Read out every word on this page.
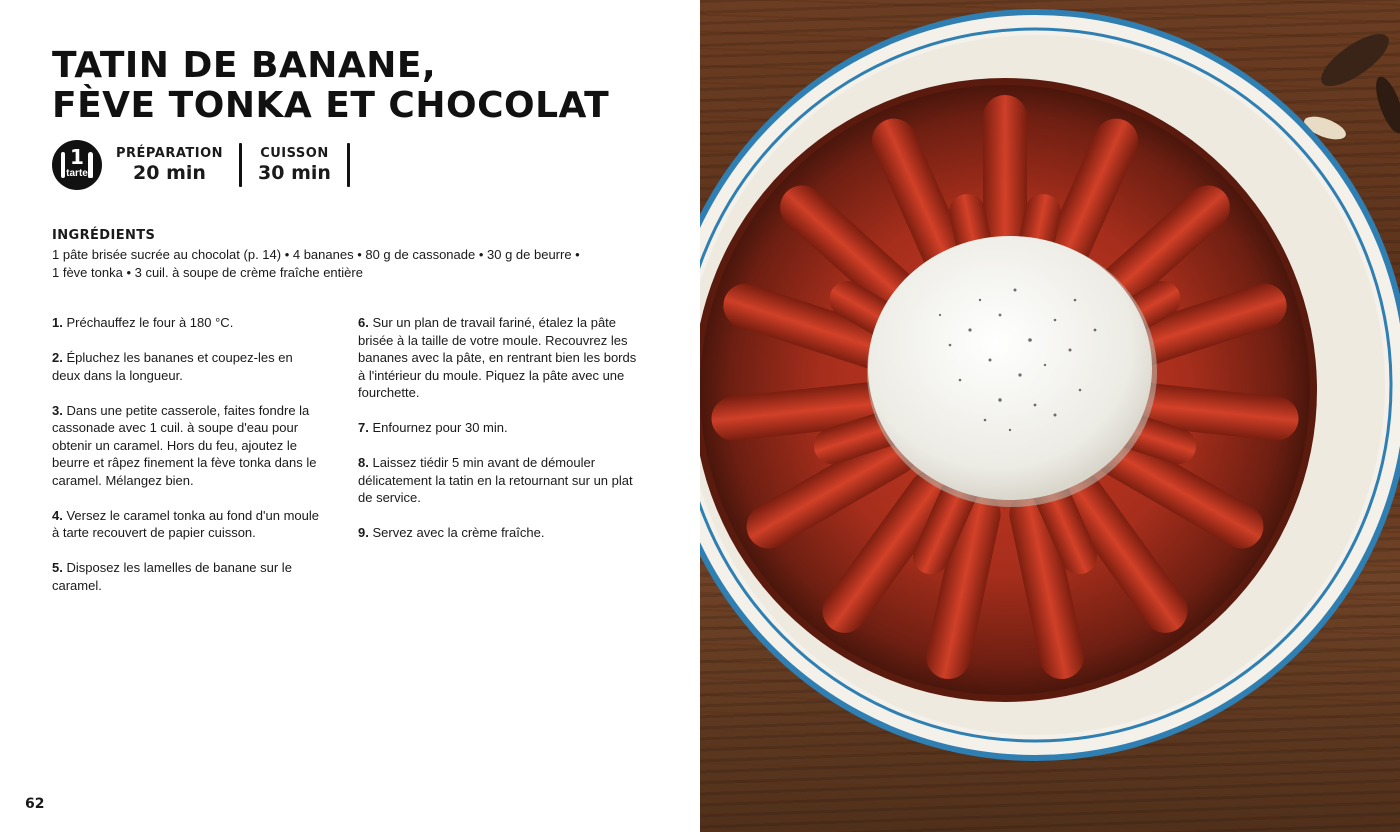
TATIN DE BANANE,
FÈVE TONKA ET CHOCOLAT
1
tarte
PRÉPARATION
20 min
CUISSON
30 min
INGRÉDIENTS
1 pâte brisée sucrée au chocolat (p. 14) • 4 bananes • 80 g de cassonade • 30 g de beurre •
1 fève tonka • 3 cuil. à soupe de crème fraîche entière

1. Préchauffez le four à 180 °C.

2. Épluchez les bananes et coupez-les en deux dans la longueur.

3. Dans une petite casserole, faites fondre la cassonade avec 1 cuil. à soupe d'eau pour obtenir un caramel. Hors du feu, ajoutez le beurre et râpez finement la fève tonka dans le caramel. Mélangez bien.

4. Versez le caramel tonka au fond d'un moule à tarte recouvert de papier cuisson.

5. Disposez les lamelles de banane sur le caramel.

6. Sur un plan de travail fariné, étalez la pâte brisée à la taille de votre moule. Recouvrez les bananes avec la pâte, en rentrant bien les bords à l'intérieur du moule. Piquez la pâte avec une fourchette.

7. Enfournez pour 30 min.

8. Laissez tiédir 5 min avant de démouler délicatement la tatin en la retournant sur un plat de service.

9. Servez avec la crème fraîche.

62
